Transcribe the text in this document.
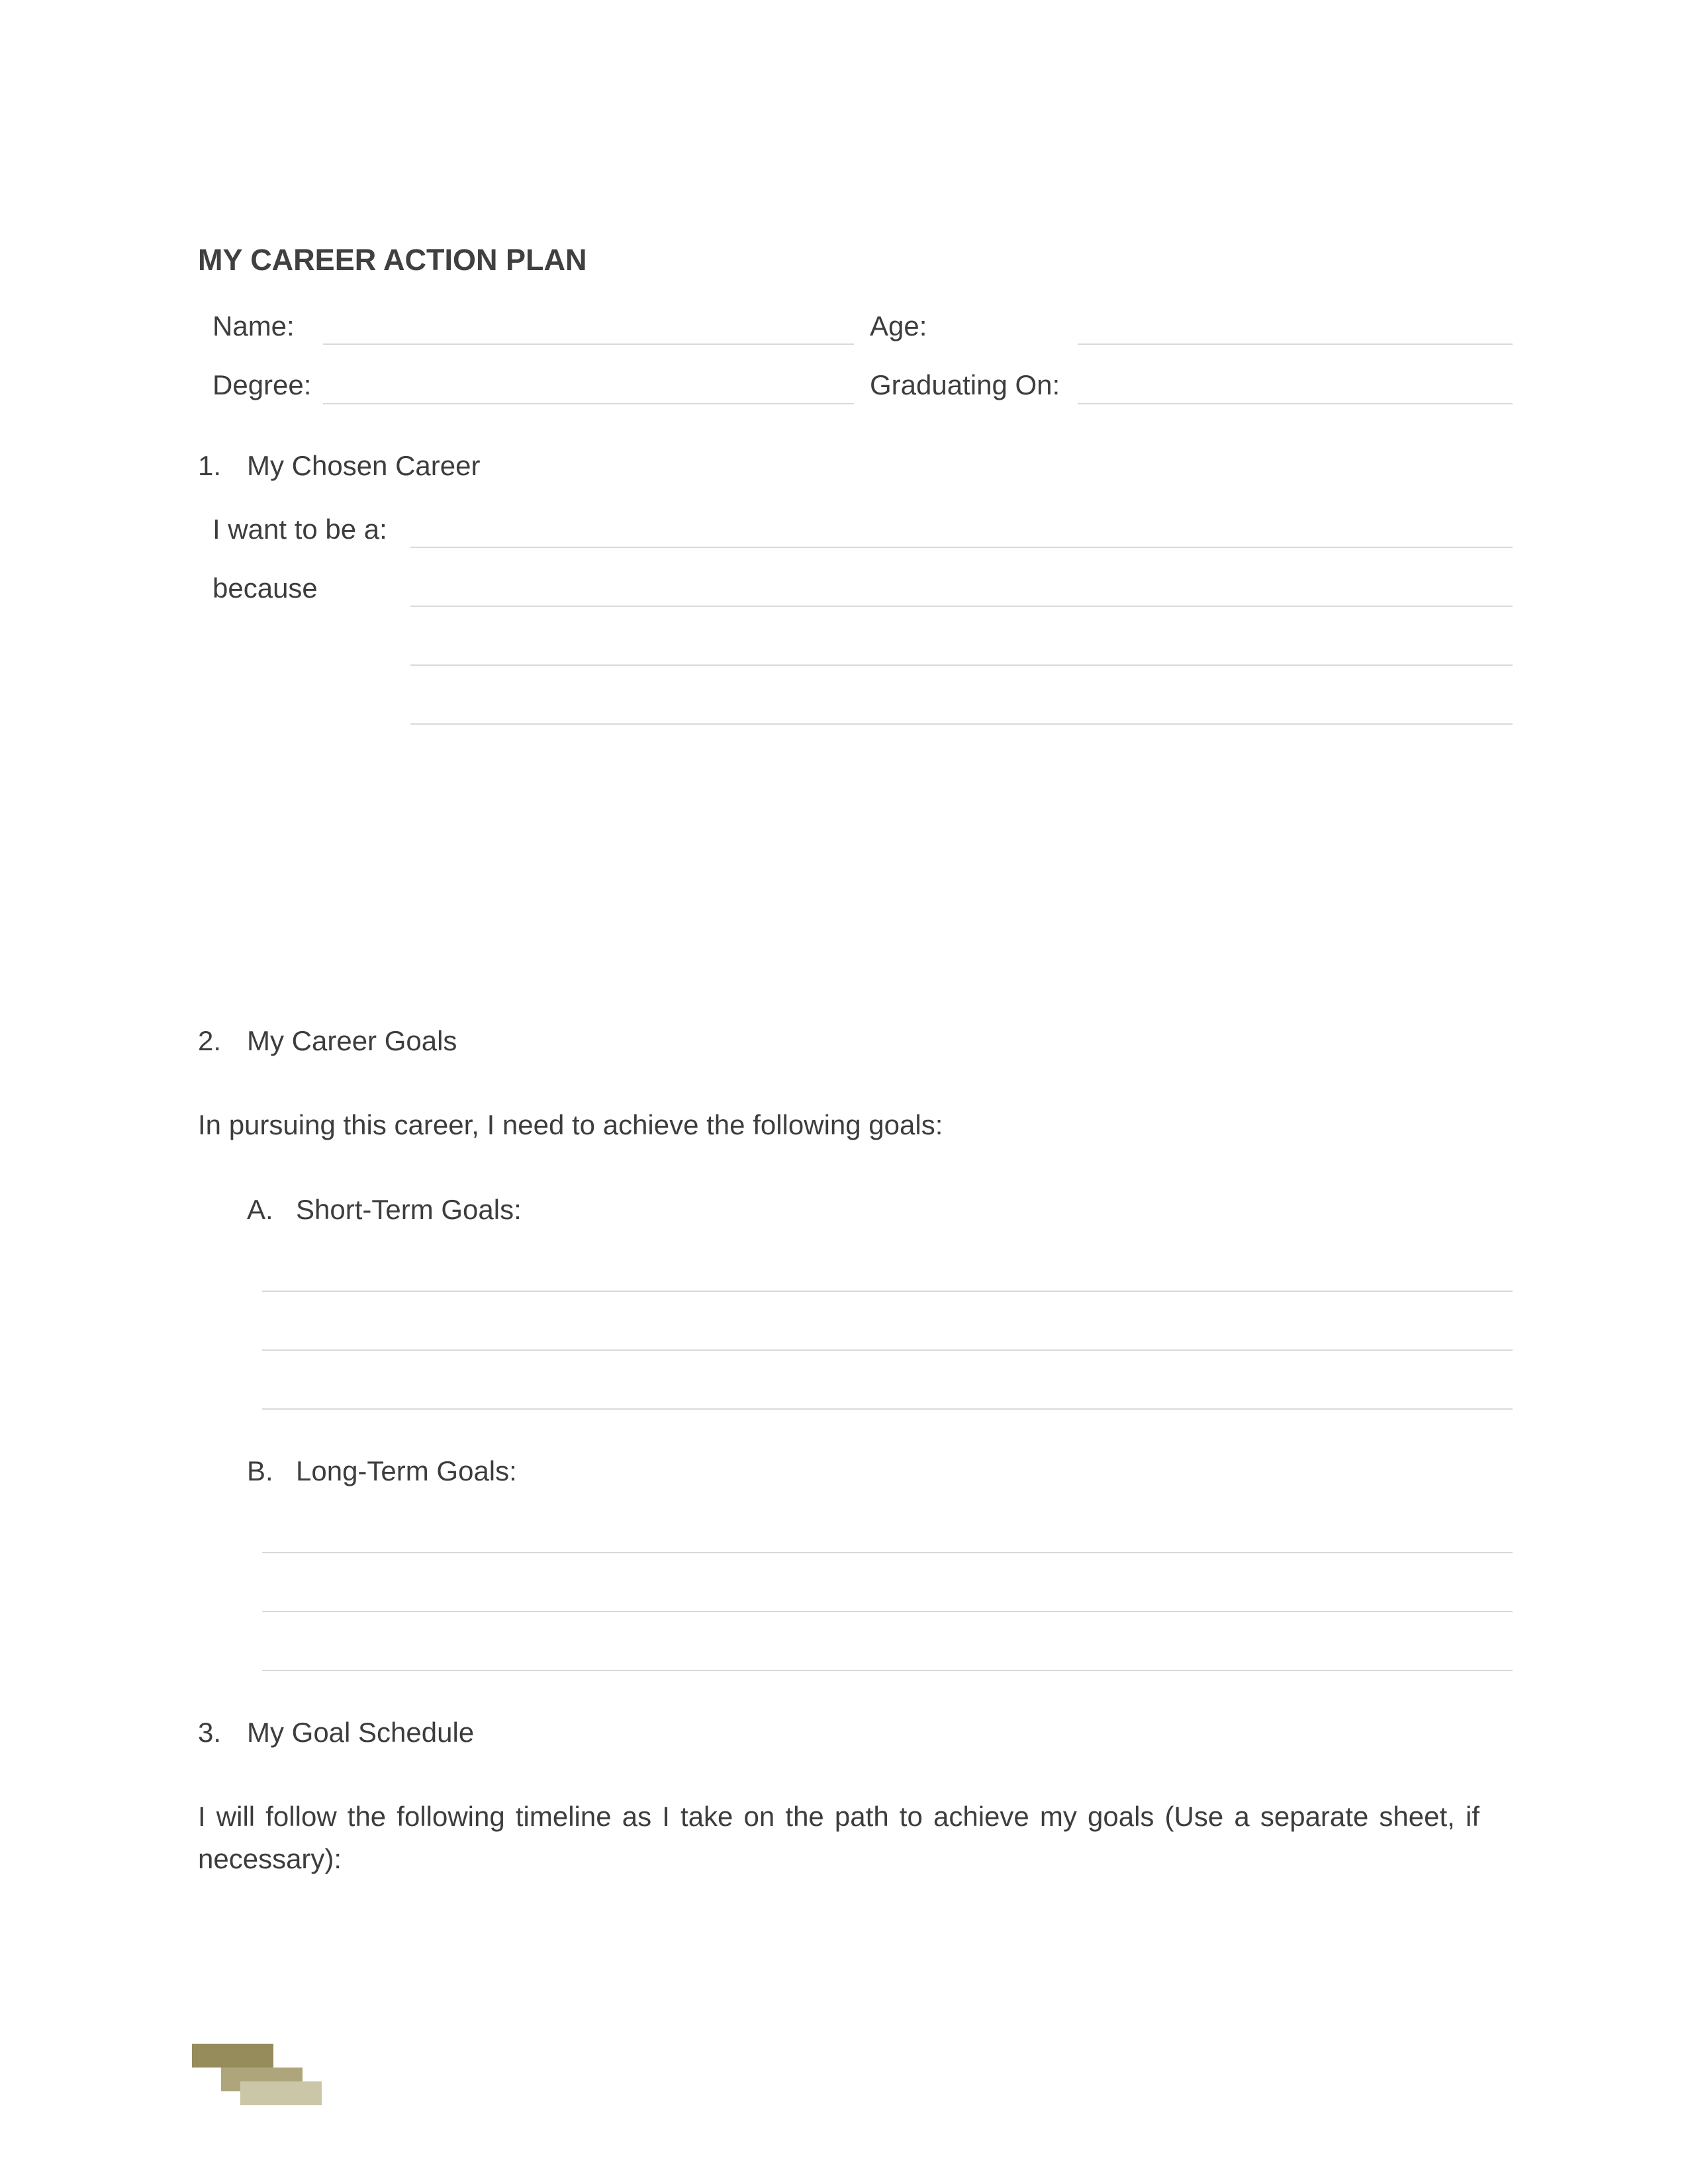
MY CAREER ACTION PLAN
Name:	Age:
Degree:	Graduating On:
1. My Chosen Career
I want to be a:
because
2. My Career Goals
In pursuing this career, I need to achieve the following goals:
A. Short-Term Goals:
B. Long-Term Goals:
3. My Goal Schedule
I will follow the following timeline as I take on the path to achieve my goals (Use a separate sheet, if necessary):
